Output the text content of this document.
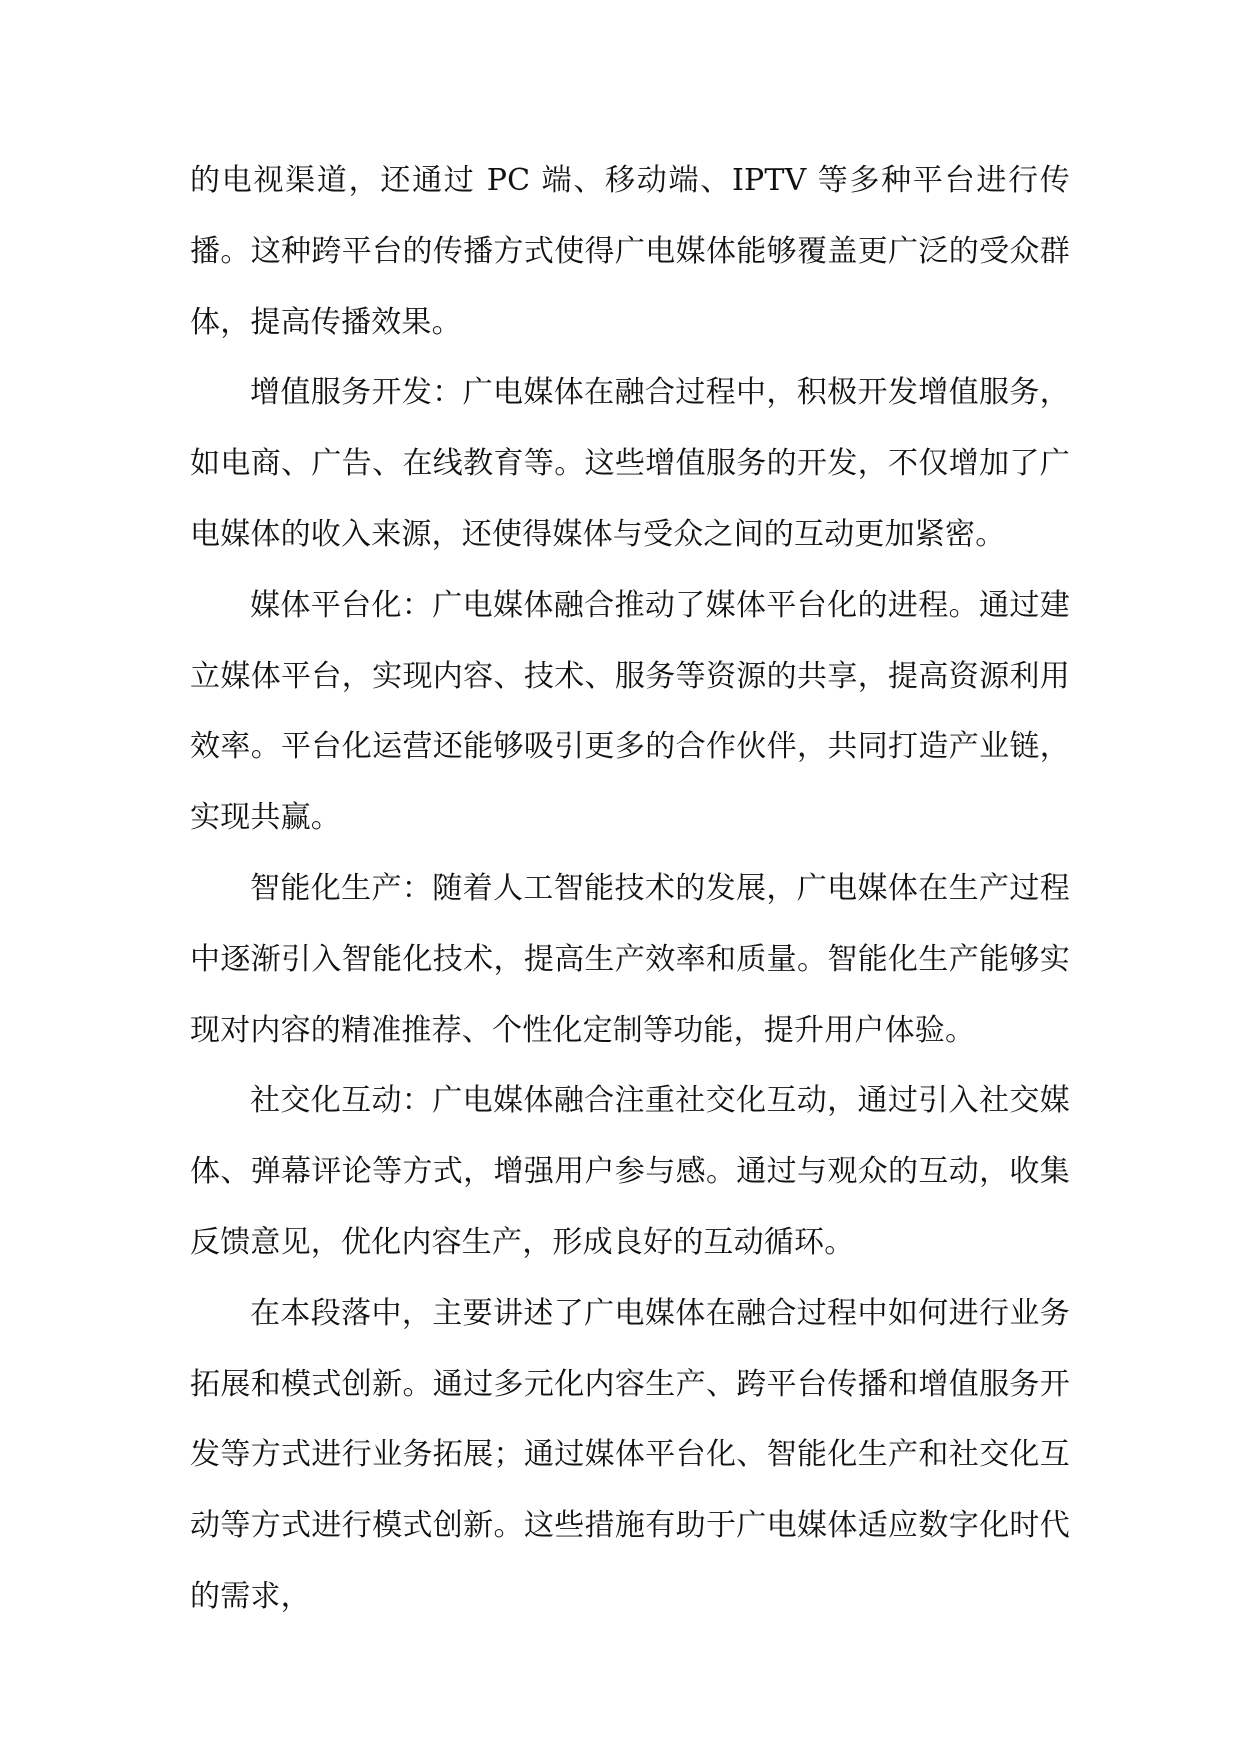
的电视渠道，还通过 PC 端、移动端、IPTV 等多种平台进行传播。这种跨平台的传播方式使得广电媒体能够覆盖更广泛的受众群体，提高传播效果。

增值服务开发：广电媒体在融合过程中，积极开发增值服务，如电商、广告、在线教育等。这些增值服务的开发，不仅增加了广电媒体的收入来源，还使得媒体与受众之间的互动更加紧密。

媒体平台化：广电媒体融合推动了媒体平台化的进程。通过建立媒体平台，实现内容、技术、服务等资源的共享，提高资源利用效率。平台化运营还能够吸引更多的合作伙伴，共同打造产业链，实现共赢。

智能化生产：随着人工智能技术的发展，广电媒体在生产过程中逐渐引入智能化技术，提高生产效率和质量。智能化生产能够实现对内容的精准推荐、个性化定制等功能，提升用户体验。

社交化互动：广电媒体融合注重社交化互动，通过引入社交媒体、弹幕评论等方式，增强用户参与感。通过与观众的互动，收集反馈意见，优化内容生产，形成良好的互动循环。

在本段落中，主要讲述了广电媒体在融合过程中如何进行业务拓展和模式创新。通过多元化内容生产、跨平台传播和增值服务开发等方式进行业务拓展；通过媒体平台化、智能化生产和社交化互动等方式进行模式创新。这些措施有助于广电媒体适应数字化时代的需求，
